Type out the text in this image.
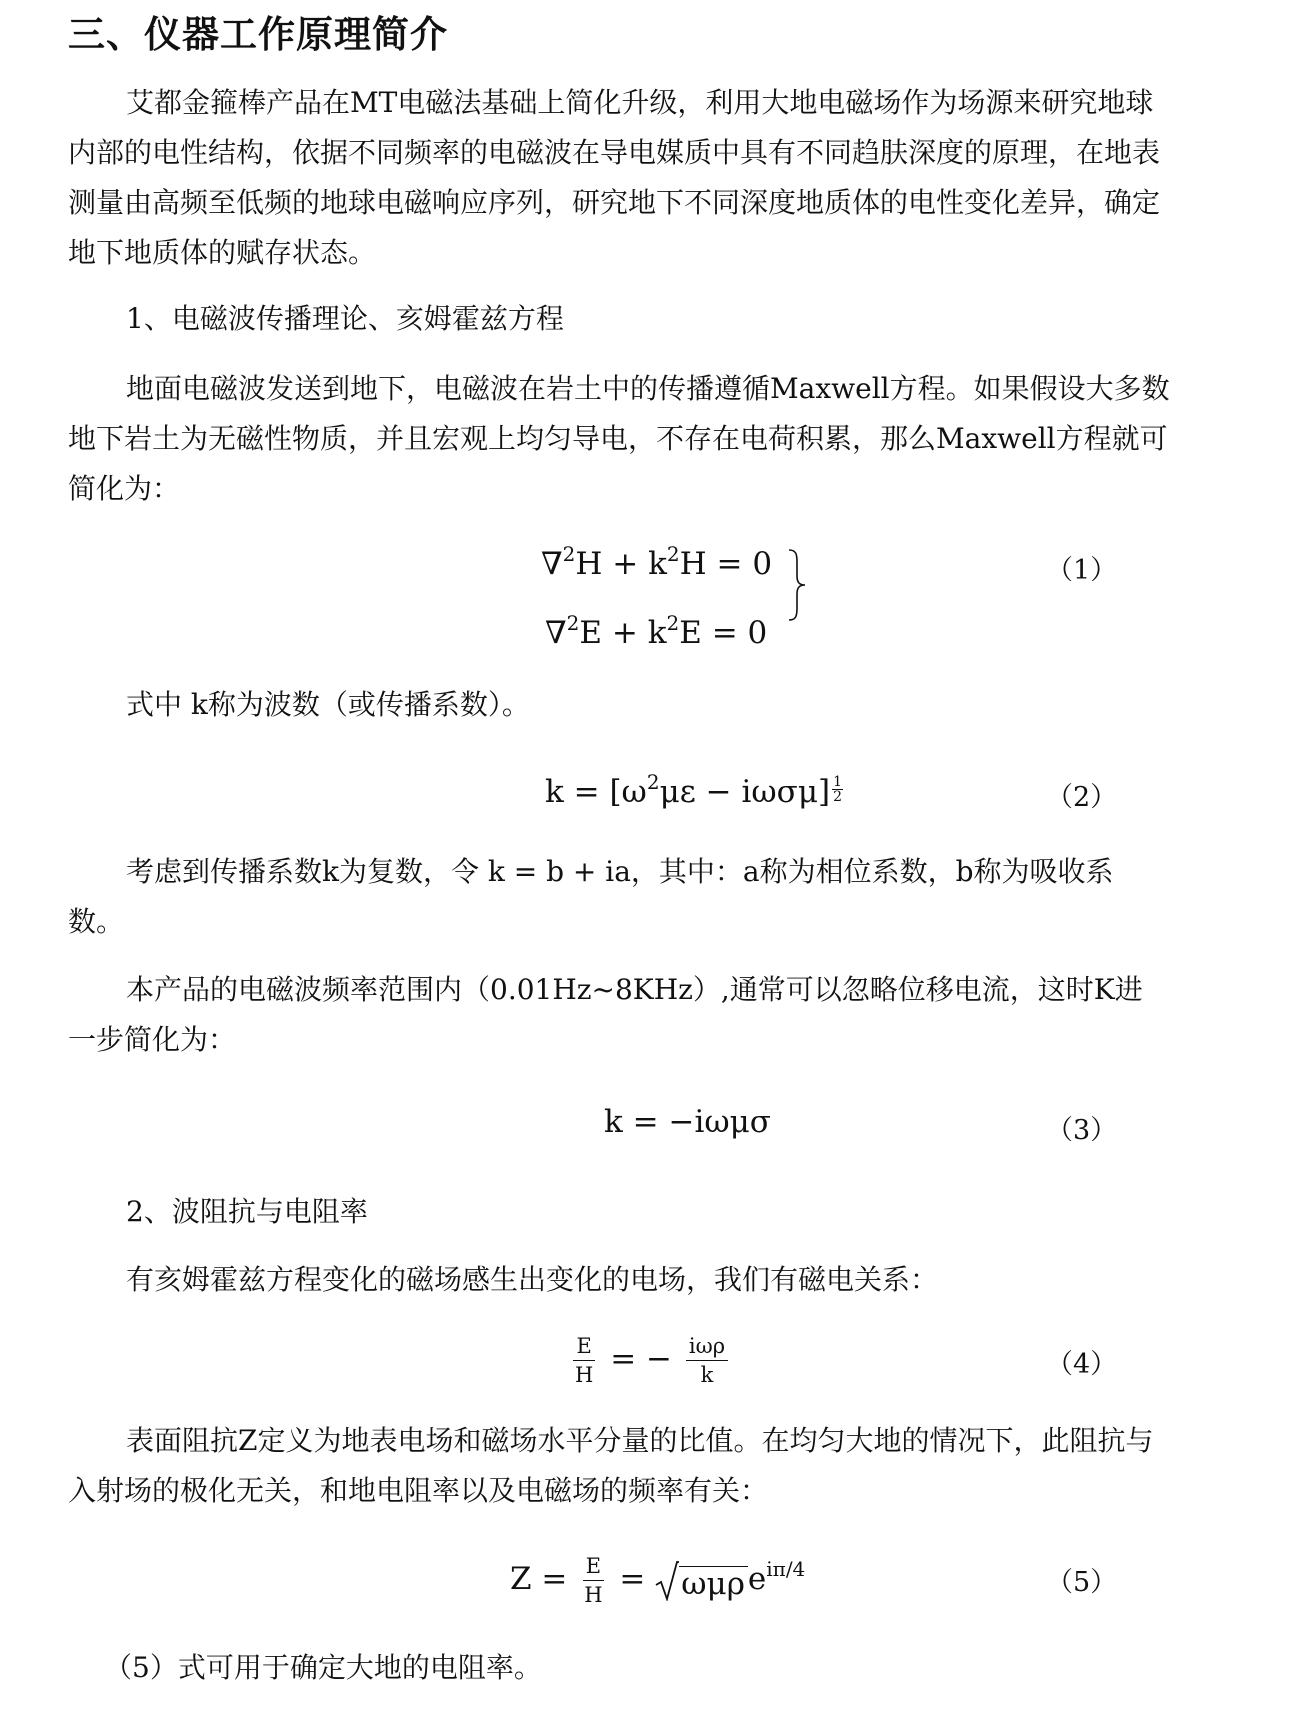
三、仪器工作原理简介

艾都金箍棒产品在MT电磁法基础上简化升级，利用大地电磁场作为场源来研究地球内部的电性结构，依据不同频率的电磁波在导电媒质中具有不同趋肤深度的原理，在地表测量由高频至低频的地球电磁响应序列，研究地下不同深度地质体的电性变化差异，确定地下地质体的赋存状态。

1、电磁波传播理论、亥姆霍兹方程

地面电磁波发送到地下，电磁波在岩土中的传播遵循Maxwell方程。如果假设大多数地下岩土为无磁性物质，并且宏观上均匀导电，不存在电荷积累，那么Maxwell方程就可简化为：

$\nabla^2H + k^2H = 0$
$\nabla^2E + k^2E = 0$
（1）
式中 k称为波数（或传播系数）。
$k = [\omega^2\mu\varepsilon - i\omega\sigma\mu] \frac{1}{2}$	（2）
考虑到传播系数k为复数，令 k = b + ia，其中：a称为相位系数，b称为吸收系
数。
本产品的电磁波频率范围内（0.01Hz~8KHz）,通常可以忽略位移电流，这时K进
一步简化为：
k = −iωμσ	（3）
2、波阻抗与电阻率
有亥姆霍兹方程变化的磁场感生出变化的电场，我们有磁电关系：
$\frac{E}{H}$ = − $\frac{\text{iωρ}}{k}$	（4）

表面阻抗Z定义为地表电场和磁场水平分量的比值。在均匀大地的情况下，此阻抗与入射场的极化无关，和地电阻率以及电磁场的频率有关：

$Z = \frac{E}{H} = \omega\mu\rho$ $e^{i\pi/4}$	（5）
（5）式可用于确定大地的电阻率。
